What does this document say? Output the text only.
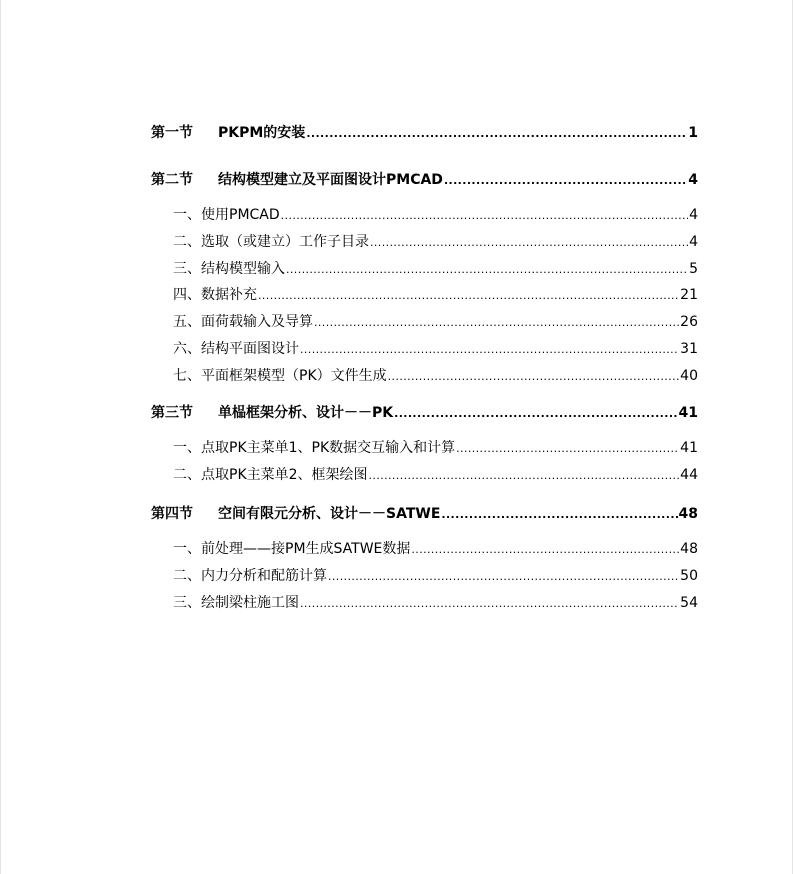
第一节	PKPM的安装 .....	1
第二节	结构模型建立及平面图设计PMCAD .....	4
一、使用PMCAD .....	4
二、选取（或建立）工作子目录 .....	4
三、结构模型输入 .....	5
四、数据补充 .....	21
五、面荷载输入及导算 .....	26
六、结构平面图设计 .....	31
七、平面框架模型（PK）文件生成 .....	40
第三节	单榀框架分析、设计－－PK .....	41
一、点取PK主菜单1、PK数据交互输入和计算 .....	41
二、点取PK主菜单2、框架绘图 .....	44
第四节	空间有限元分析、设计－－SATWE .....	48
一、前处理——接PM生成SATWE数据 .....	48
二、内力分析和配筋计算 .....	50
三、绘制梁柱施工图 .....	54
